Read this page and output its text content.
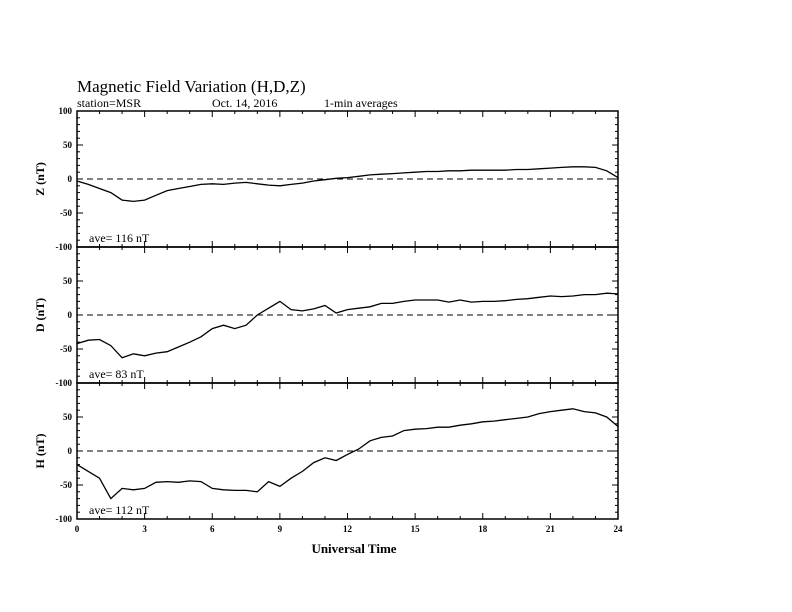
Magnetic Field Variation (H,D,Z)
station=MSR	Oct. 14, 2016	1-min averages
100
50
0
-50
-100
Z (nT)
ave= 116 nT
50
0
-50
-100
D (nT)
ave= 83 nT
50
0
-50
-100
H (nT)
ave= 112 nT
0	3	6	9	12	15	18	21	24
Universal Time
